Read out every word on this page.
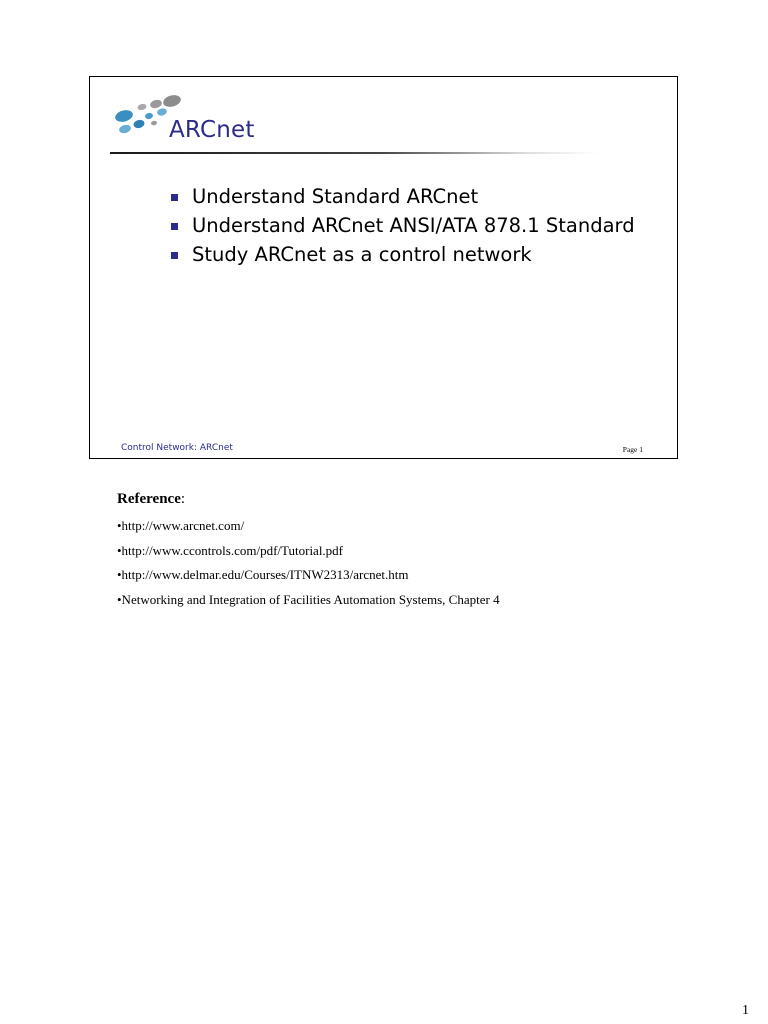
ARCnet
Understand Standard ARCnet
Understand ARCnet ANSI/ATA 878.1 Standard
Study ARCnet as a control network
Control Network: ARCnet	Page 1
Reference:
•http://www.arcnet.com/
•http://www.ccontrols.com/pdf/Tutorial.pdf
•http://www.delmar.edu/Courses/ITNW2313/arcnet.htm
•Networking and Integration of Facilities Automation Systems, Chapter 4
1
